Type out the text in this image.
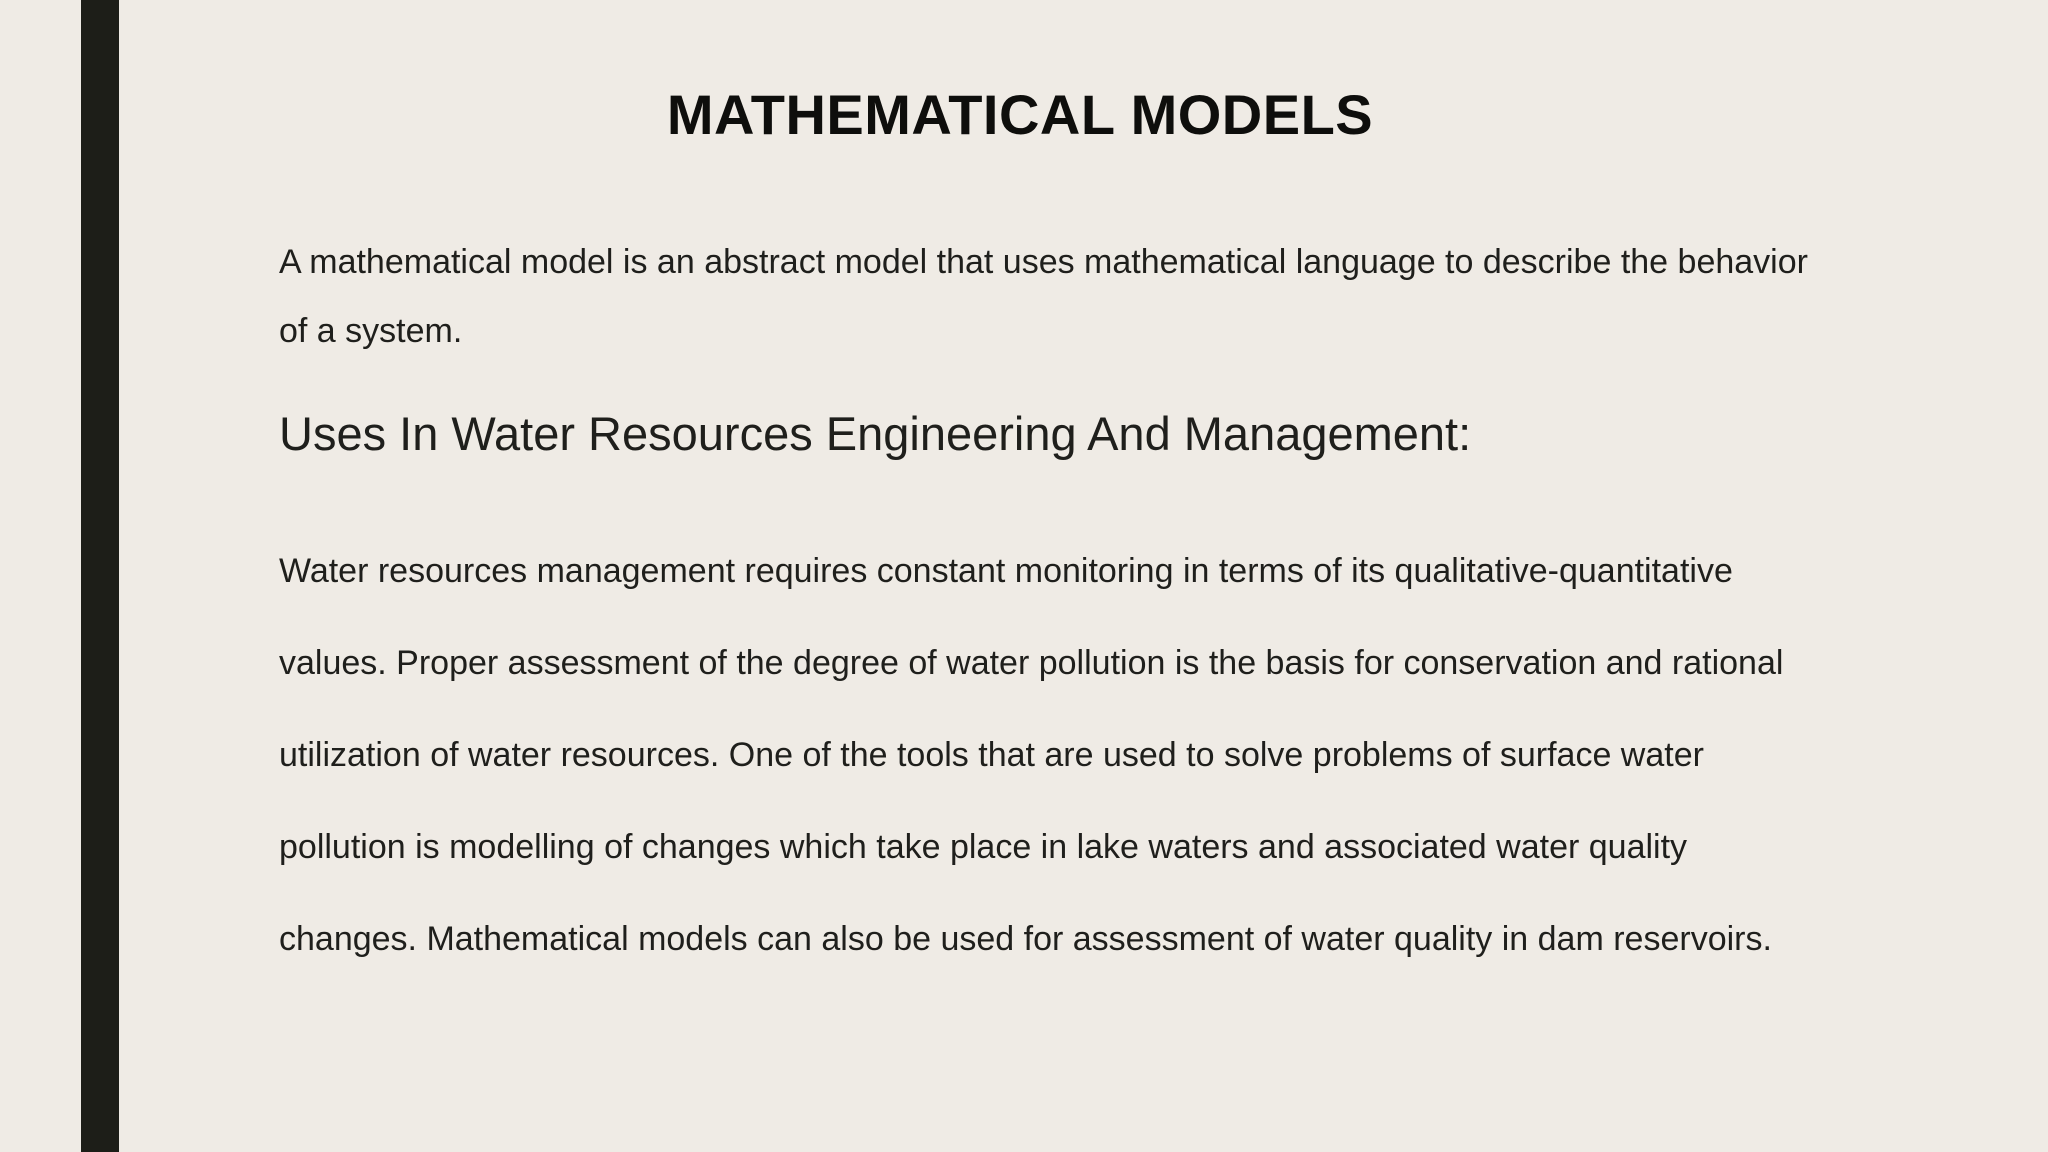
MATHEMATICAL MODELS

A mathematical model is an abstract model that uses mathematical language to describe the behavior of a system.

Uses In Water Resources Engineering And Management:

Water resources management requires constant monitoring in terms of its qualitative-quantitative values. Proper assessment of the degree of water pollution is the basis for conservation and rational utilization of water resources. One of the tools that are used to solve problems of surface water pollution is modelling of changes which take place in lake waters and associated water quality changes. Mathematical models can also be used for assessment of water quality in dam reservoirs.
